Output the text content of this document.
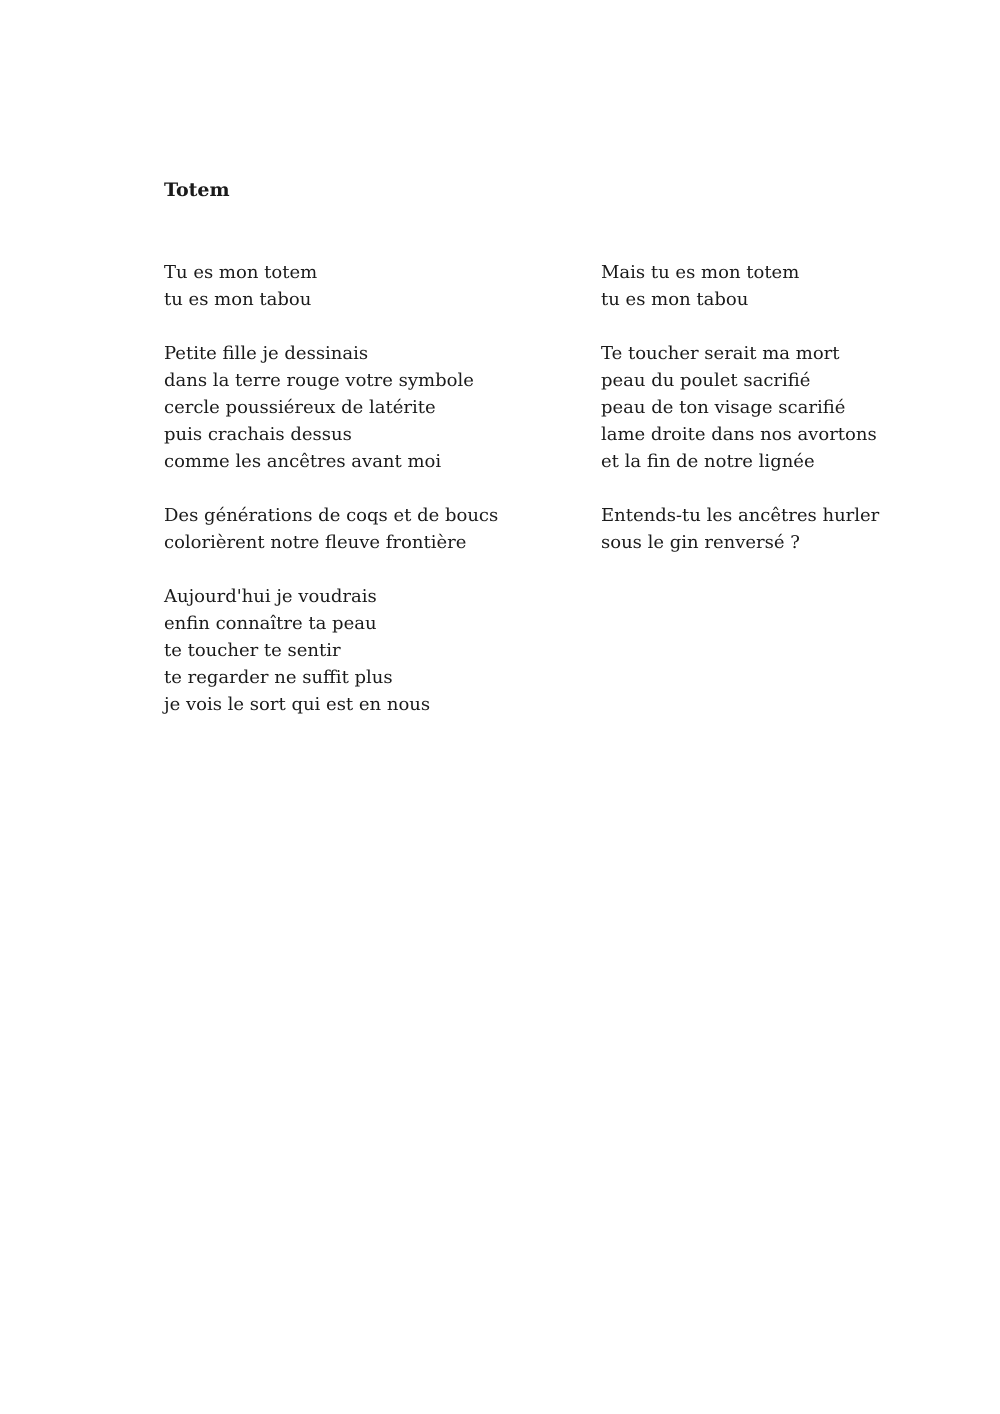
Totem
Tu es mon totem
tu es mon tabou
Petite fille je dessinais
dans la terre rouge votre symbole
cercle poussiéreux de latérite
puis crachais dessus
comme les ancêtres avant moi
Des générations de coqs et de boucs
colorièrent notre fleuve frontière
Aujourd'hui je voudrais
enfin connaître ta peau
te toucher te sentir
te regarder ne suffit plus
je vois le sort qui est en nous
Mais tu es mon totem
tu es mon tabou
Te toucher serait ma mort
peau du poulet sacrifié
peau de ton visage scarifié
lame droite dans nos avortons
et la fin de notre lignée
Entends-tu les ancêtres hurler
sous le gin renversé ?
